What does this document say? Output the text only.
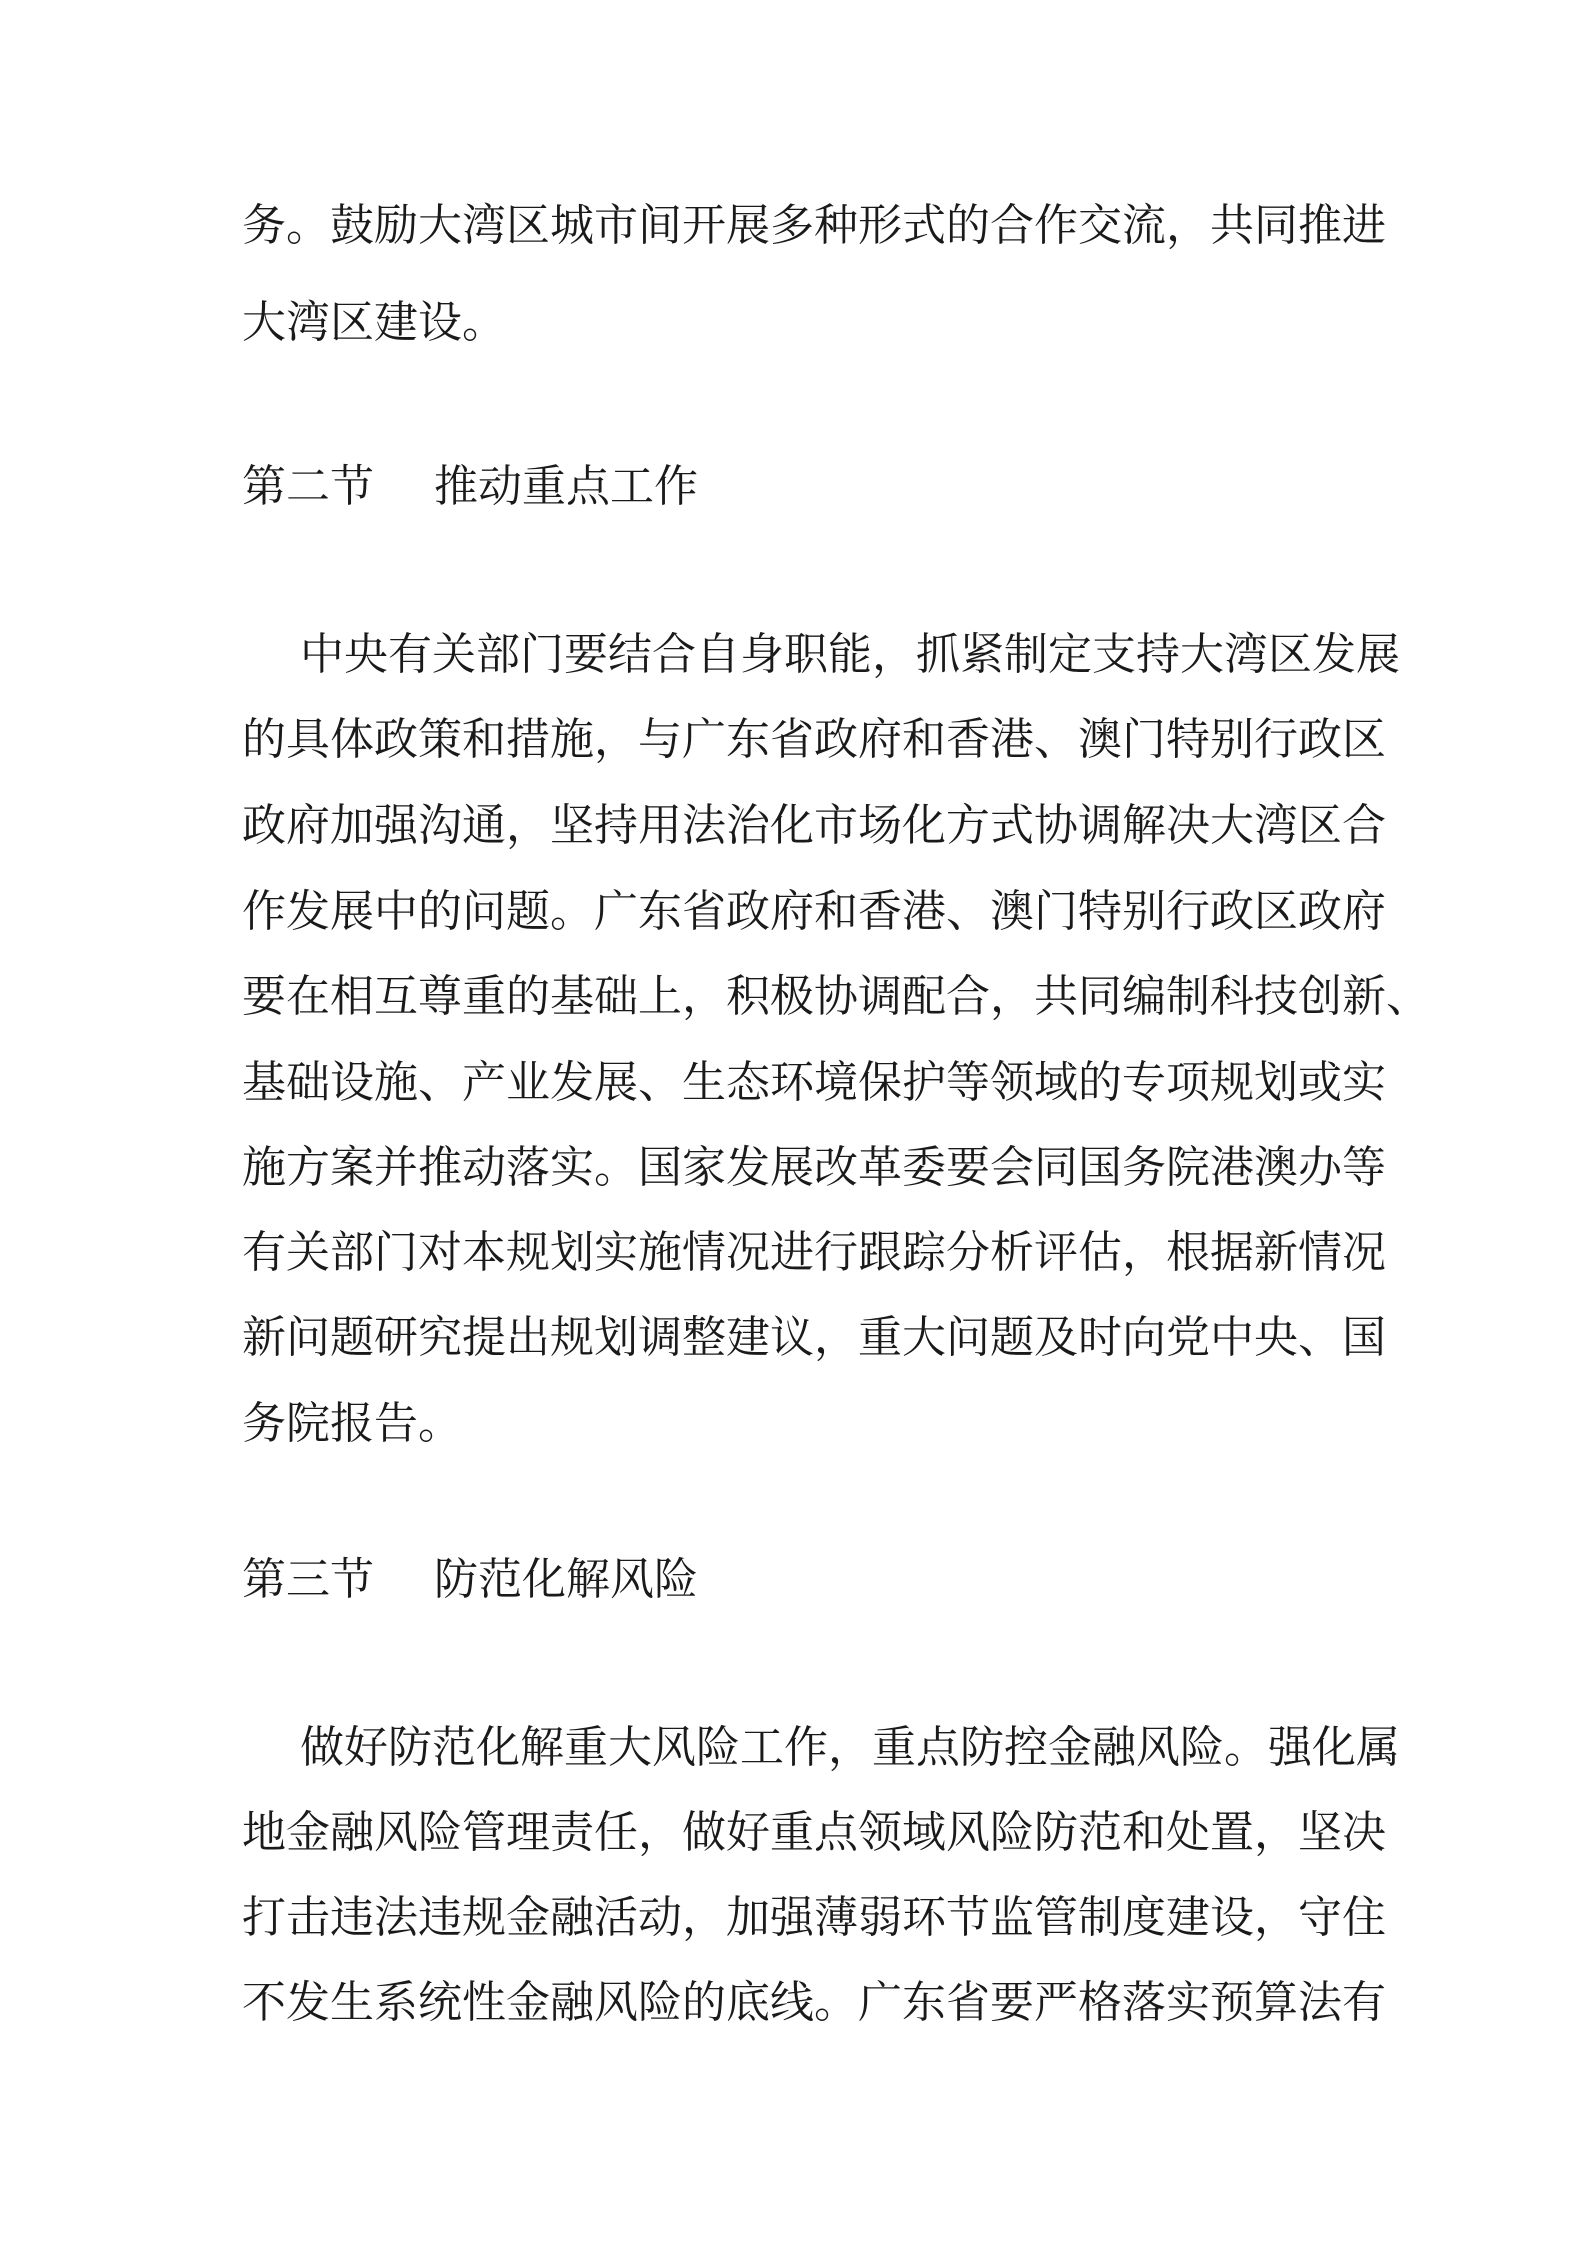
务。鼓励大湾区城市间开展多种形式的合作交流，共同推进
大湾区建设。
第二节 推动重点工作
中央有关部门要结合自身职能，抓紧制定支持大湾区发展
的具体政策和措施，与广东省政府和香港、澳门特别行政区
政府加强沟通，坚持用法治化市场化方式协调解决大湾区合
作发展中的问题。广东省政府和香港、澳门特别行政区政府
要在相互尊重的基础上，积极协调配合，共同编制科技创新、
基础设施、产业发展、生态环境保护等领域的专项规划或实
施方案并推动落实。国家发展改革委要会同国务院港澳办等
有关部门对本规划实施情况进行跟踪分析评估，根据新情况
新问题研究提出规划调整建议，重大问题及时向党中央、国
务院报告。
第三节 防范化解风险
做好防范化解重大风险工作，重点防控金融风险。强化属
地金融风险管理责任，做好重点领域风险防范和处置，坚决
打击违法违规金融活动，加强薄弱环节监管制度建设，守住
不发生系统性金融风险的底线。广东省要严格落实预算法有
